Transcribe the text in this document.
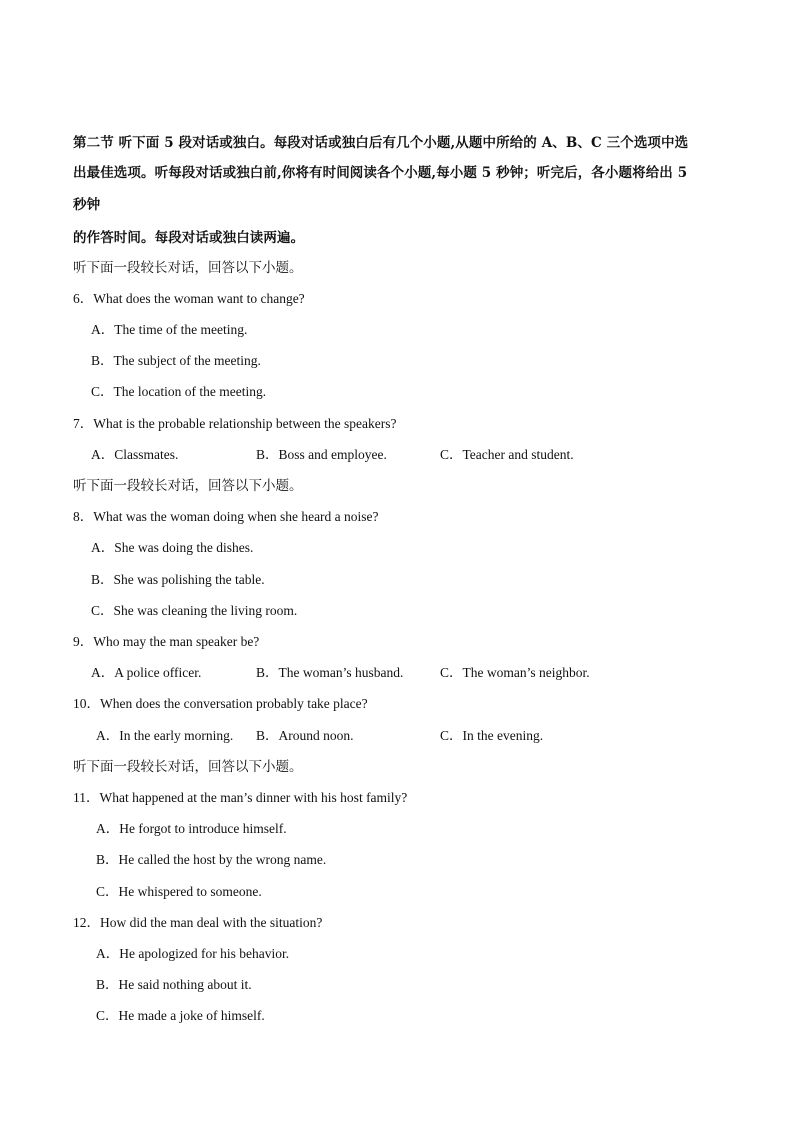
第二节 听下面 5 段对话或独白。每段对话或独白后有几个小题,从题中所给的 A、B、C 三个选项中选
出最佳选项。听每段对话或独白前,你将有时间阅读各个小题,每小题 5 秒钟；听完后，各小题将给出 5
秒钟
的作答时间。每段对话或独白读两遍。
听下面一段较长对话，回答以下小题。
6．What does the woman want to change?
A．The time of the meeting.
B．The subject of the meeting.
C．The location of the meeting.
7．What is the probable relationship between the speakers?
A．Classmates.	B．Boss and employee.	C．Teacher and student.
听下面一段较长对话，回答以下小题。
8．What was the woman doing when she heard a noise?
A．She was doing the dishes.
B．She was polishing the table.
C．She was cleaning the living room.
9．Who may the man speaker be?
A．A police officer.	B．The woman’s husband.	C．The woman’s neighbor.
10．When does the conversation probably take place?
A．In the early morning. B．Around noon.	C．In the evening.
听下面一段较长对话，回答以下小题。
11．What happened at the man’s dinner with his host family?
A．He forgot to introduce himself.
B．He called the host by the wrong name.
C．He whispered to someone.
12．How did the man deal with the situation?
A．He apologized for his behavior.
B．He said nothing about it.
C．He made a joke of himself.
